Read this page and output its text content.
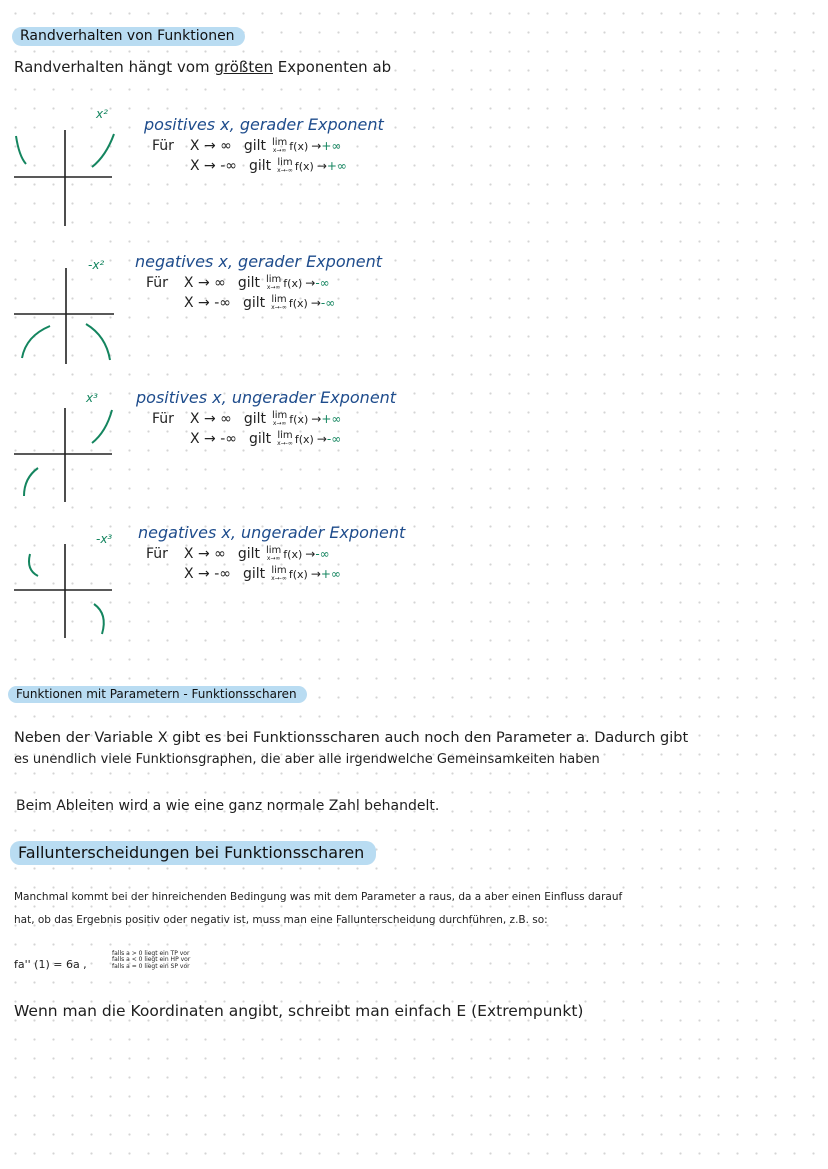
Randverhalten von Funktionen
Randverhalten hängt vom größten Exponenten ab
x²
positives x, gerader Exponent
Für X → ∞ gilt lim
x→∞ f(x) → +∞
X → -∞ gilt lim
x→-∞ f(x) → +∞
-x² negatives x, gerader Exponent
Für X → ∞ gilt lim
x→∞ f(x) → -∞
X → -∞ gilt lim
x→-∞ f(x) → -∞
x³ positives x, ungerader Exponent
Für X → ∞ gilt lim
x→∞ f(x) → +∞
X → -∞ gilt lim
x→-∞ f(x) → -∞
-x³ negatives x, ungerader Exponent
Für X → ∞ gilt lim
x→∞ f(x) → -∞
X → -∞ gilt lim
x→-∞ f(x) → +∞
Funktionen mit Parametern - Funktionsscharen
Neben der Variable X gibt es bei Funktionsscharen auch noch den Parameter a. Dadurch gibt
es unendlich viele Funktionsgraphen, die aber alle irgendwelche Gemeinsamkeiten haben
Beim Ableiten wird a wie eine ganz normale Zahl behandelt.
Fallunterscheidungen bei Funktionsscharen
Manchmal kommt bei der hinreichenden Bedingung was mit dem Parameter a raus, da a aber einen Einfluss darauf
hat, ob das Ergebnis positiv oder negativ ist, muss man eine Fallunterscheidung durchführen, z.B. so:
fa'' (1) = 6a ,
falls a > 0 liegt ein TP vor
falls a < 0 liegt ein HP vor
falls a = 0 liegt ein SP vor
Wenn man die Koordinaten angibt, schreibt man einfach E (Extrempunkt)
